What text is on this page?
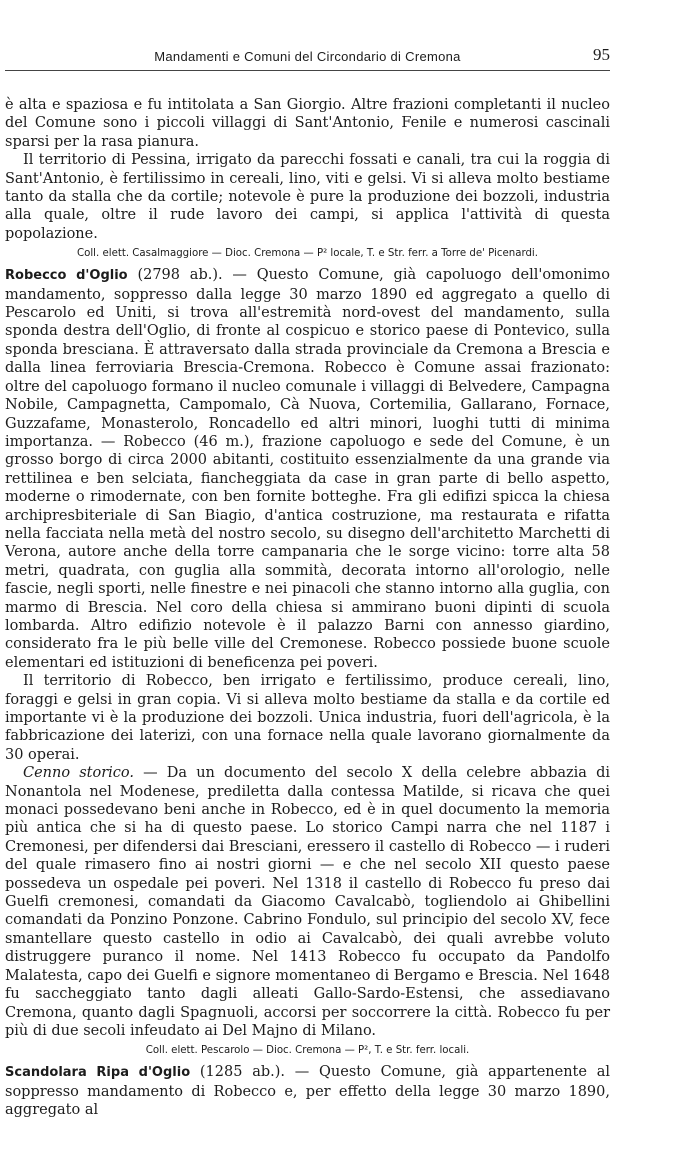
Mandamenti e Comuni del Circondario di Cremona	95

è alta e spaziosa e fu intitolata a San Giorgio. Altre frazioni completanti il nucleo del Comune sono i piccoli villaggi di Sant'Antonio, Fenile e numerosi cascinali sparsi per la rasa pianura.

Il territorio di Pessina, irrigato da parecchi fossati e canali, tra cui la roggia di Sant'Antonio, è fertilissimo in cereali, lino, viti e gelsi. Vi si alleva molto bestiame tanto da stalla che da cortile; notevole è pure la produzione dei bozzoli, industria alla quale, oltre il rude lavoro dei campi, si applica l'attività di questa popolazione.

Coll. elett. Casalmaggiore — Dioc. Cremona — P² locale, T. e Str. ferr. a Torre de' Picenardi.

Robecco d'Oglio (2798 ab.). — Questo Comune, già capoluogo dell'omonimo mandamento, soppresso dalla legge 30 marzo 1890 ed aggregato a quello di Pescarolo ed Uniti, si trova all'estremità nord-ovest del mandamento, sulla sponda destra dell'Oglio, di fronte al cospicuo e storico paese di Pontevico, sulla sponda bresciana. È attraversato dalla strada provinciale da Cremona a Brescia e dalla linea ferroviaria Brescia-Cremona. Robecco è Comune assai frazionato: oltre del capoluogo formano il nucleo comunale i villaggi di Belvedere, Campagna Nobile, Campagnetta, Campomalo, Cà Nuova, Cortemilia, Gallarano, Fornace, Guzzafame, Monasterolo, Roncadello ed altri minori, luoghi tutti di minima importanza. — Robecco (46 m.), frazione capoluogo e sede del Comune, è un grosso borgo di circa 2000 abitanti, costituito essenzialmente da una grande via rettilinea e ben selciata, fiancheggiata da case in gran parte di bello aspetto, moderne o rimodernate, con ben fornite botteghe. Fra gli edifizi spicca la chiesa archipresbiteriale di San Biagio, d'antica costruzione, ma restaurata e rifatta nella facciata nella metà del nostro secolo, su disegno dell'architetto Marchetti di Verona, autore anche della torre campanaria che le sorge vicino: torre alta 58 metri, quadrata, con guglia alla sommità, decorata intorno all'orologio, nelle fascie, negli sporti, nelle finestre e nei pinacoli che stanno intorno alla guglia, con marmo di Brescia. Nel coro della chiesa si ammirano buoni dipinti di scuola lombarda. Altro edifizio notevole è il palazzo Barni con annesso giardino, considerato fra le più belle ville del Cremonese. Robecco possiede buone scuole elementari ed istituzioni di beneficenza pei poveri.

Il territorio di Robecco, ben irrigato e fertilissimo, produce cereali, lino, foraggi e gelsi in gran copia. Vi si alleva molto bestiame da stalla e da cortile ed importante vi è la produzione dei bozzoli. Unica industria, fuori dell'agricola, è la fabbricazione dei laterizi, con una fornace nella quale lavorano giornalmente da 30 operai.

Cenno storico. — Da un documento del secolo X della celebre abbazia di Nonantola nel Modenese, prediletta dalla contessa Matilde, si ricava che quei monaci possedevano beni anche in Robecco, ed è in quel documento la memoria più antica che si ha di questo paese. Lo storico Campi narra che nel 1187 i Cremonesi, per difendersi dai Bresciani, eressero il castello di Robecco — i ruderi del quale rimasero fino ai nostri giorni — e che nel secolo XII questo paese possedeva un ospedale pei poveri. Nel 1318 il castello di Robecco fu preso dai Guelfi cremonesi, comandati da Giacomo Cavalcabò, togliendolo ai Ghibellini comandati da Ponzino Ponzone. Cabrino Fondulo, sul principio del secolo XV, fece smantellare questo castello in odio ai Cavalcabò, dei quali avrebbe voluto distruggere puranco il nome. Nel 1413 Robecco fu occupato da Pandolfo Malatesta, capo dei Guelfi e signore momentaneo di Bergamo e Brescia. Nel 1648 fu saccheggiato tanto dagli alleati Gallo-Sardo-Estensi, che assediavano Cremona, quanto dagli Spagnuoli, accorsi per soccorrere la città. Robecco fu per più di due secoli infeudato ai Del Majno di Milano.

Coll. elett. Pescarolo — Dioc. Cremona — P², T. e Str. ferr. locali.

Scandolara Ripa d'Oglio (1285 ab.). — Questo Comune, già appartenente al soppresso mandamento di Robecco e, per effetto della legge 30 marzo 1890, aggregato al
